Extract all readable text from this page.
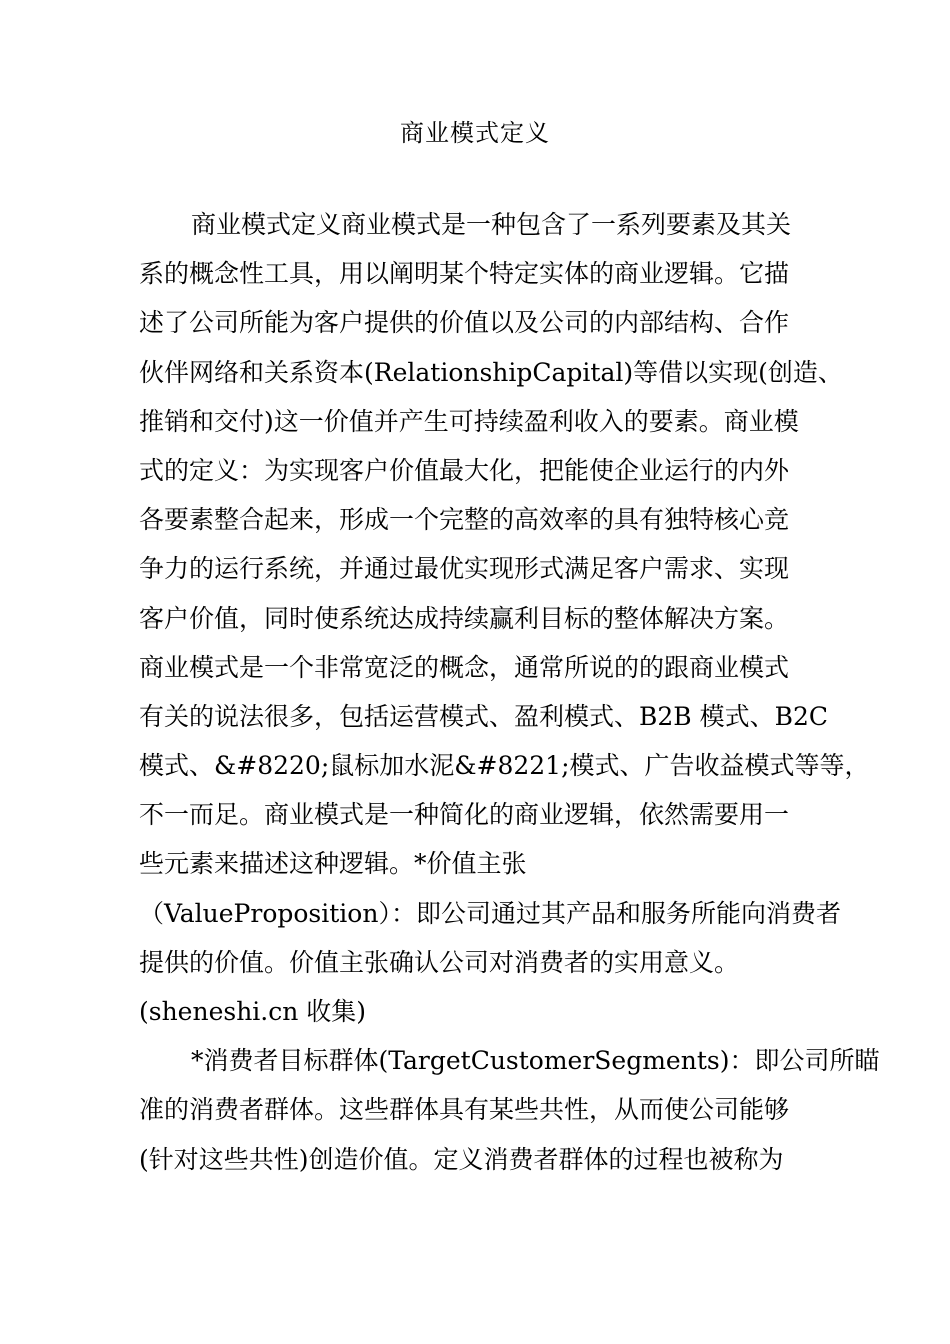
商业模式定义
商业模式定义商业模式是一种包含了一系列要素及其关
系的概念性工具，用以阐明某个特定实体的商业逻辑。它描
述了公司所能为客户提供的价值以及公司的内部结构、合作
伙伴网络和关系资本(RelationshipCapital)等借以实现(创造、
推销和交付)这一价值并产生可持续盈利收入的要素。商业模
式的定义：为实现客户价值最大化，把能使企业运行的内外
各要素整合起来，形成一个完整的高效率的具有独特核心竞
争力的运行系统，并通过最优实现形式满足客户需求、实现
客户价值，同时使系统达成持续赢利目标的整体解决方案。
商业模式是一个非常宽泛的概念，通常所说的的跟商业模式
有关的说法很多，包括运营模式、盈利模式、B2B 模式、B2C
模式、&#8220;鼠标加水泥&#8221;模式、广告收益模式等等，
不一而足。商业模式是一种简化的商业逻辑，依然需要用一
些元素来描述这种逻辑。*价值主张
（ValueProposition）：即公司通过其产品和服务所能向消费者
提供的价值。价值主张确认公司对消费者的实用意义。
(sheneshi.cn 收集)
*消费者目标群体(TargetCustomerSegments)：即公司所瞄
准的消费者群体。这些群体具有某些共性，从而使公司能够
(针对这些共性)创造价值。定义消费者群体的过程也被称为
